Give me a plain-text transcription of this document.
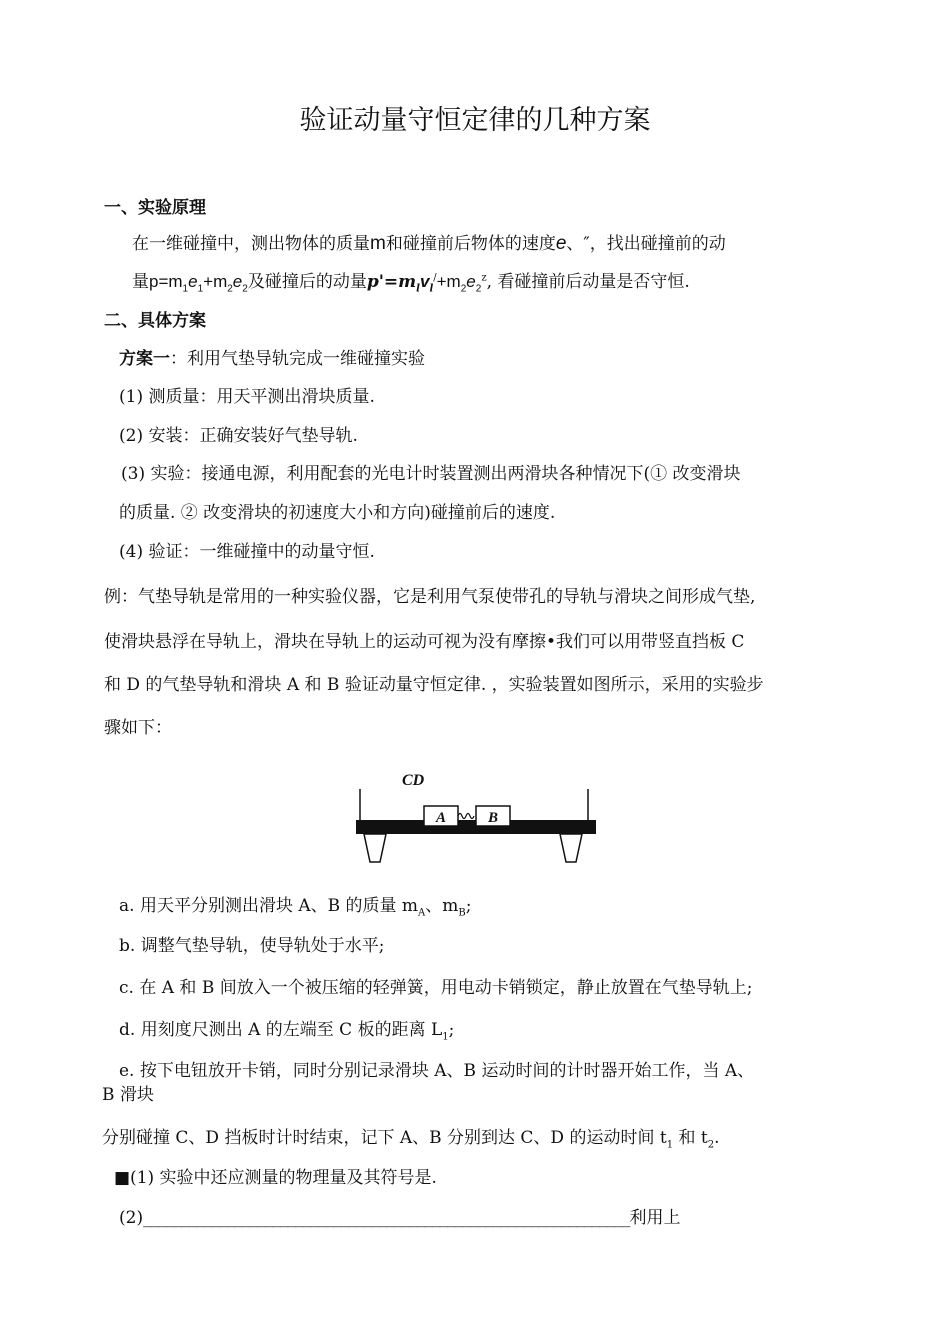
验证动量守恒定律的几种方案
一、实验原理
在一维碰撞中，测出物体的质量m和碰撞前后物体的速度e、″，找出碰撞前的动
量$p=m_1e_1+m_2e_2$及碰撞后的动量$p'=m_lv_l^/+m_2e_2^z$, 看碰撞前后动量是否守恒.
二、具体方案
方案一：利用气垫导轨完成一维碰撞实验
(1) 测质量：用天平测出滑块质量.
(2) 安装：正确安装好气垫导轨.
(3) 实验：接通电源，利用配套的光电计时装置测出两滑块各种情况下(① 改变滑块
的质量. ② 改变滑块的初速度大小和方向)碰撞前后的速度.
(4) 验证：一维碰撞中的动量守恒.
例：气垫导轨是常用的一种实验仪器，它是利用气泵使带孔的导轨与滑块之间形成气垫,
使滑块悬浮在导轨上，滑块在导轨上的运动可视为没有摩擦•我们可以用带竖直挡板 C
和 D 的气垫导轨和滑块 A 和 B 验证动量守恒定律. ，实验装置如图所示，采用的实验步
骤如下：
CD
A	B
a. 用天平分别测出滑块 A、B 的质量 $m_A$、$m_B$;
b. 调整气垫导轨，使导轨处于水平;
c. 在 A 和 B 间放入一个被压缩的轻弹簧，用电动卡销锁定，静止放置在气垫导轨上;
d. 用刻度尺测出 A 的左端至 C 板的距离 $L_1$;
e. 按下电钮放开卡销，同时分别记录滑块 A、B 运动时间的计时器开始工作，当 A、
B 滑块
分别碰撞 C、D 挡板时计时结束，记下 A、B 分别到达 C、D 的运动时间 $t_1$ 和 $t_2$.
■(1) 实验中还应测量的物理量及其符号是.
(2)________________________________________________________________利用上
